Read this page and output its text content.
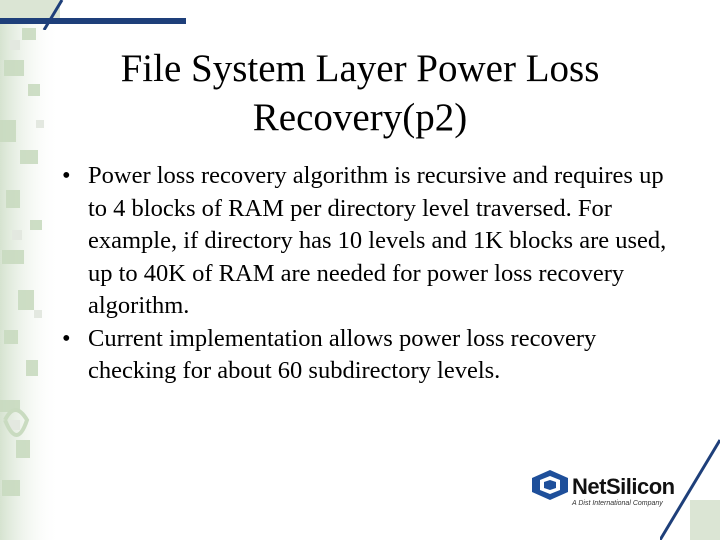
File System Layer Power Loss Recovery(p2)
• Power loss recovery algorithm is recursive and requires up to 4 blocks of RAM per directory level traversed. For example, if directory has 10 levels and 1K blocks are used, up to 40K of RAM are needed for power loss recovery algorithm.
• Current implementation allows power loss recovery checking for about 60 subdirectory levels.
NetSilicon
A Dist International Company
